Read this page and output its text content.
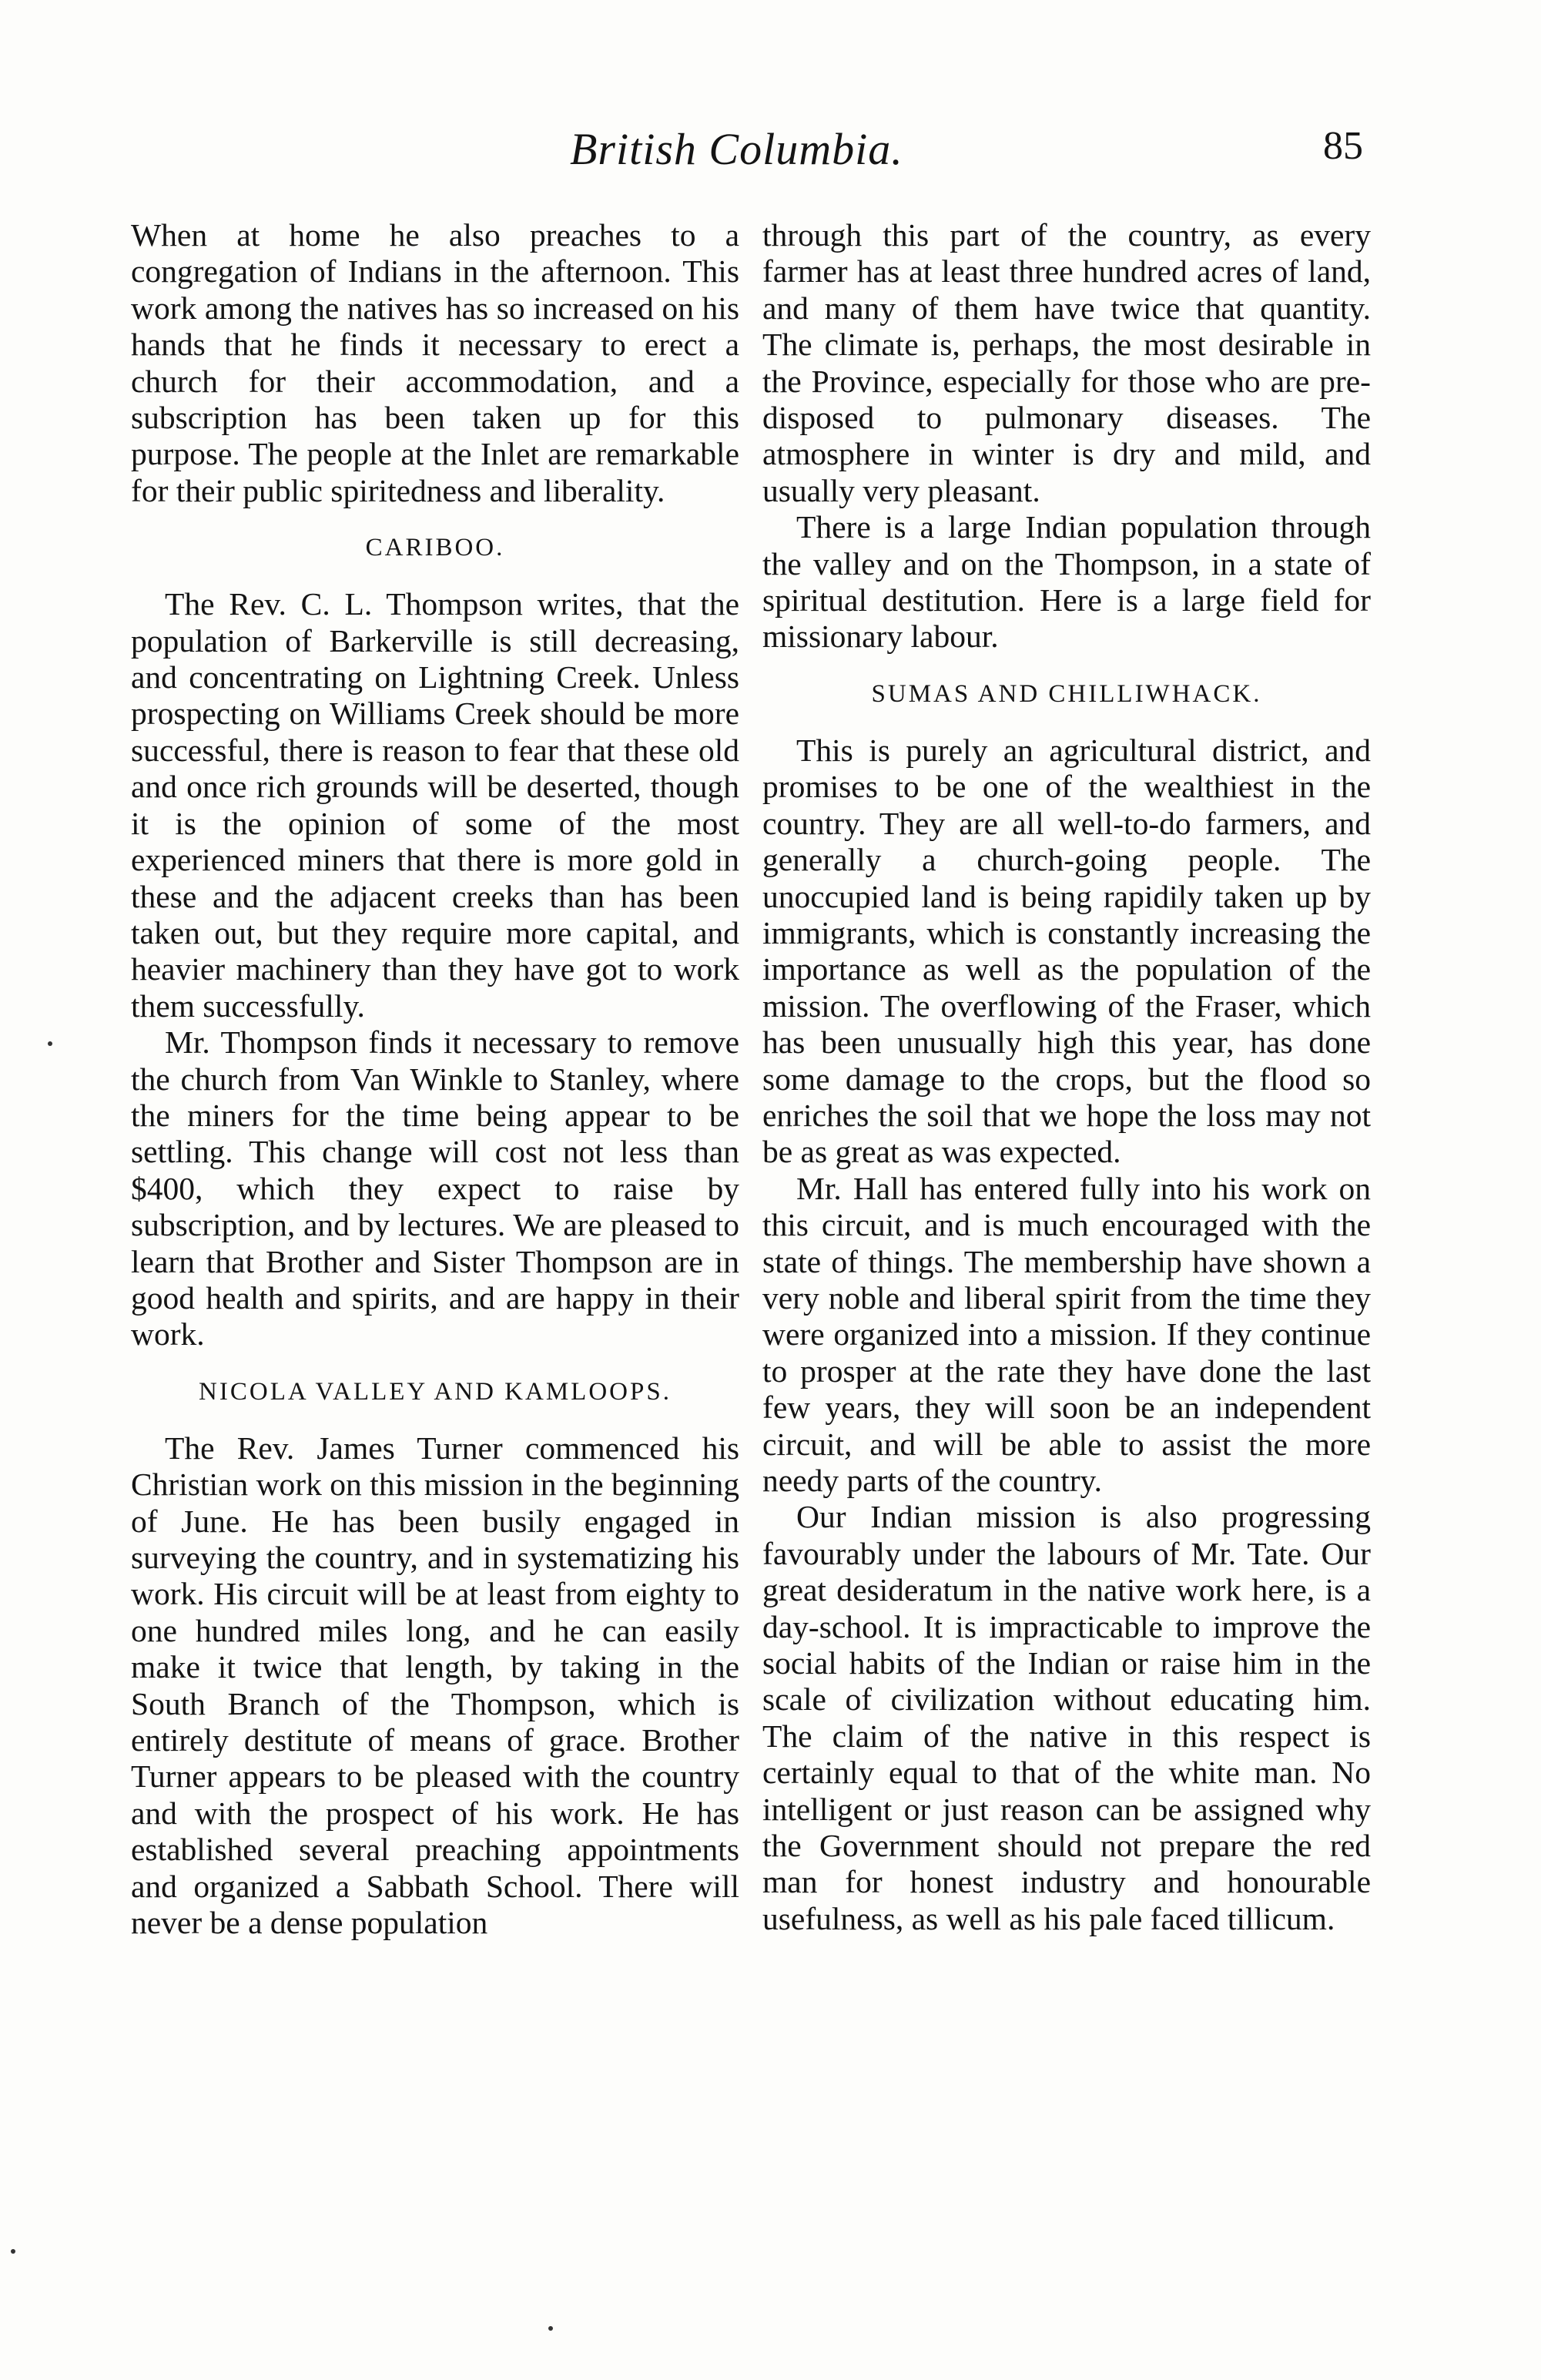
British Columbia.	85

When at home he also preaches to a congregation of Indians in the afternoon. This work among the natives has so increased on his hands that he finds it necessary to erect a church for their accommodation, and a subscription has been taken up for this purpose. The people at the Inlet are remarkable for their public spiritedness and liberality.

CARIBOO.

The Rev. C. L. Thompson writes, that the population of Barkerville is still decreasing, and concentrating on Lightning Creek. Unless prospecting on Williams Creek should be more successful, there is reason to fear that these old and once rich grounds will be deserted, though it is the opinion of some of the most experienced miners that there is more gold in these and the adjacent creeks than has been taken out, but they require more capital, and heavier machinery than they have got to work them successfully.

Mr. Thompson finds it necessary to remove the church from Van Winkle to Stanley, where the miners for the time being appear to be settling. This change will cost not less than $400, which they expect to raise by subscription, and by lectures. We are pleased to learn that Brother and Sister Thompson are in good health and spirits, and are happy in their work.

NICOLA VALLEY AND KAMLOOPS.

The Rev. James Turner commenced his Christian work on this mission in the beginning of June. He has been busily engaged in surveying the country, and in systematizing his work. His circuit will be at least from eighty to one hundred miles long, and he can easily make it twice that length, by taking in the South Branch of the Thompson, which is entirely destitute of means of grace. Brother Turner appears to be pleased with the country and with the prospect of his work. He has established several preaching appointments and organized a Sabbath School. There will never be a dense population

through this part of the country, as every farmer has at least three hundred acres of land, and many of them have twice that quantity. The climate is, perhaps, the most desirable in the Province, especially for those who are pre-disposed to pulmonary diseases. The atmosphere in winter is dry and mild, and usually very pleasant.

There is a large Indian population through the valley and on the Thompson, in a state of spiritual destitution. Here is a large field for missionary labour.

SUMAS AND CHILLIWHACK.

This is purely an agricultural district, and promises to be one of the wealthiest in the country. They are all well-to-do farmers, and generally a church-going people. The unoccupied land is being rapidily taken up by immigrants, which is constantly increasing the importance as well as the population of the mission. The overflowing of the Fraser, which has been unusually high this year, has done some damage to the crops, but the flood so enriches the soil that we hope the loss may not be as great as was expected.

Mr. Hall has entered fully into his work on this circuit, and is much encouraged with the state of things. The membership have shown a very noble and liberal spirit from the time they were organized into a mission. If they continue to prosper at the rate they have done the last few years, they will soon be an independent circuit, and will be able to assist the more needy parts of the country.

Our Indian mission is also progressing favourably under the labours of Mr. Tate. Our great desideratum in the native work here, is a day-school. It is impracticable to improve the social habits of the Indian or raise him in the scale of civilization without educating him. The claim of the native in this respect is certainly equal to that of the white man. No intelligent or just reason can be assigned why the Government should not prepare the red man for honest industry and honourable usefulness, as well as his pale faced tillicum.
